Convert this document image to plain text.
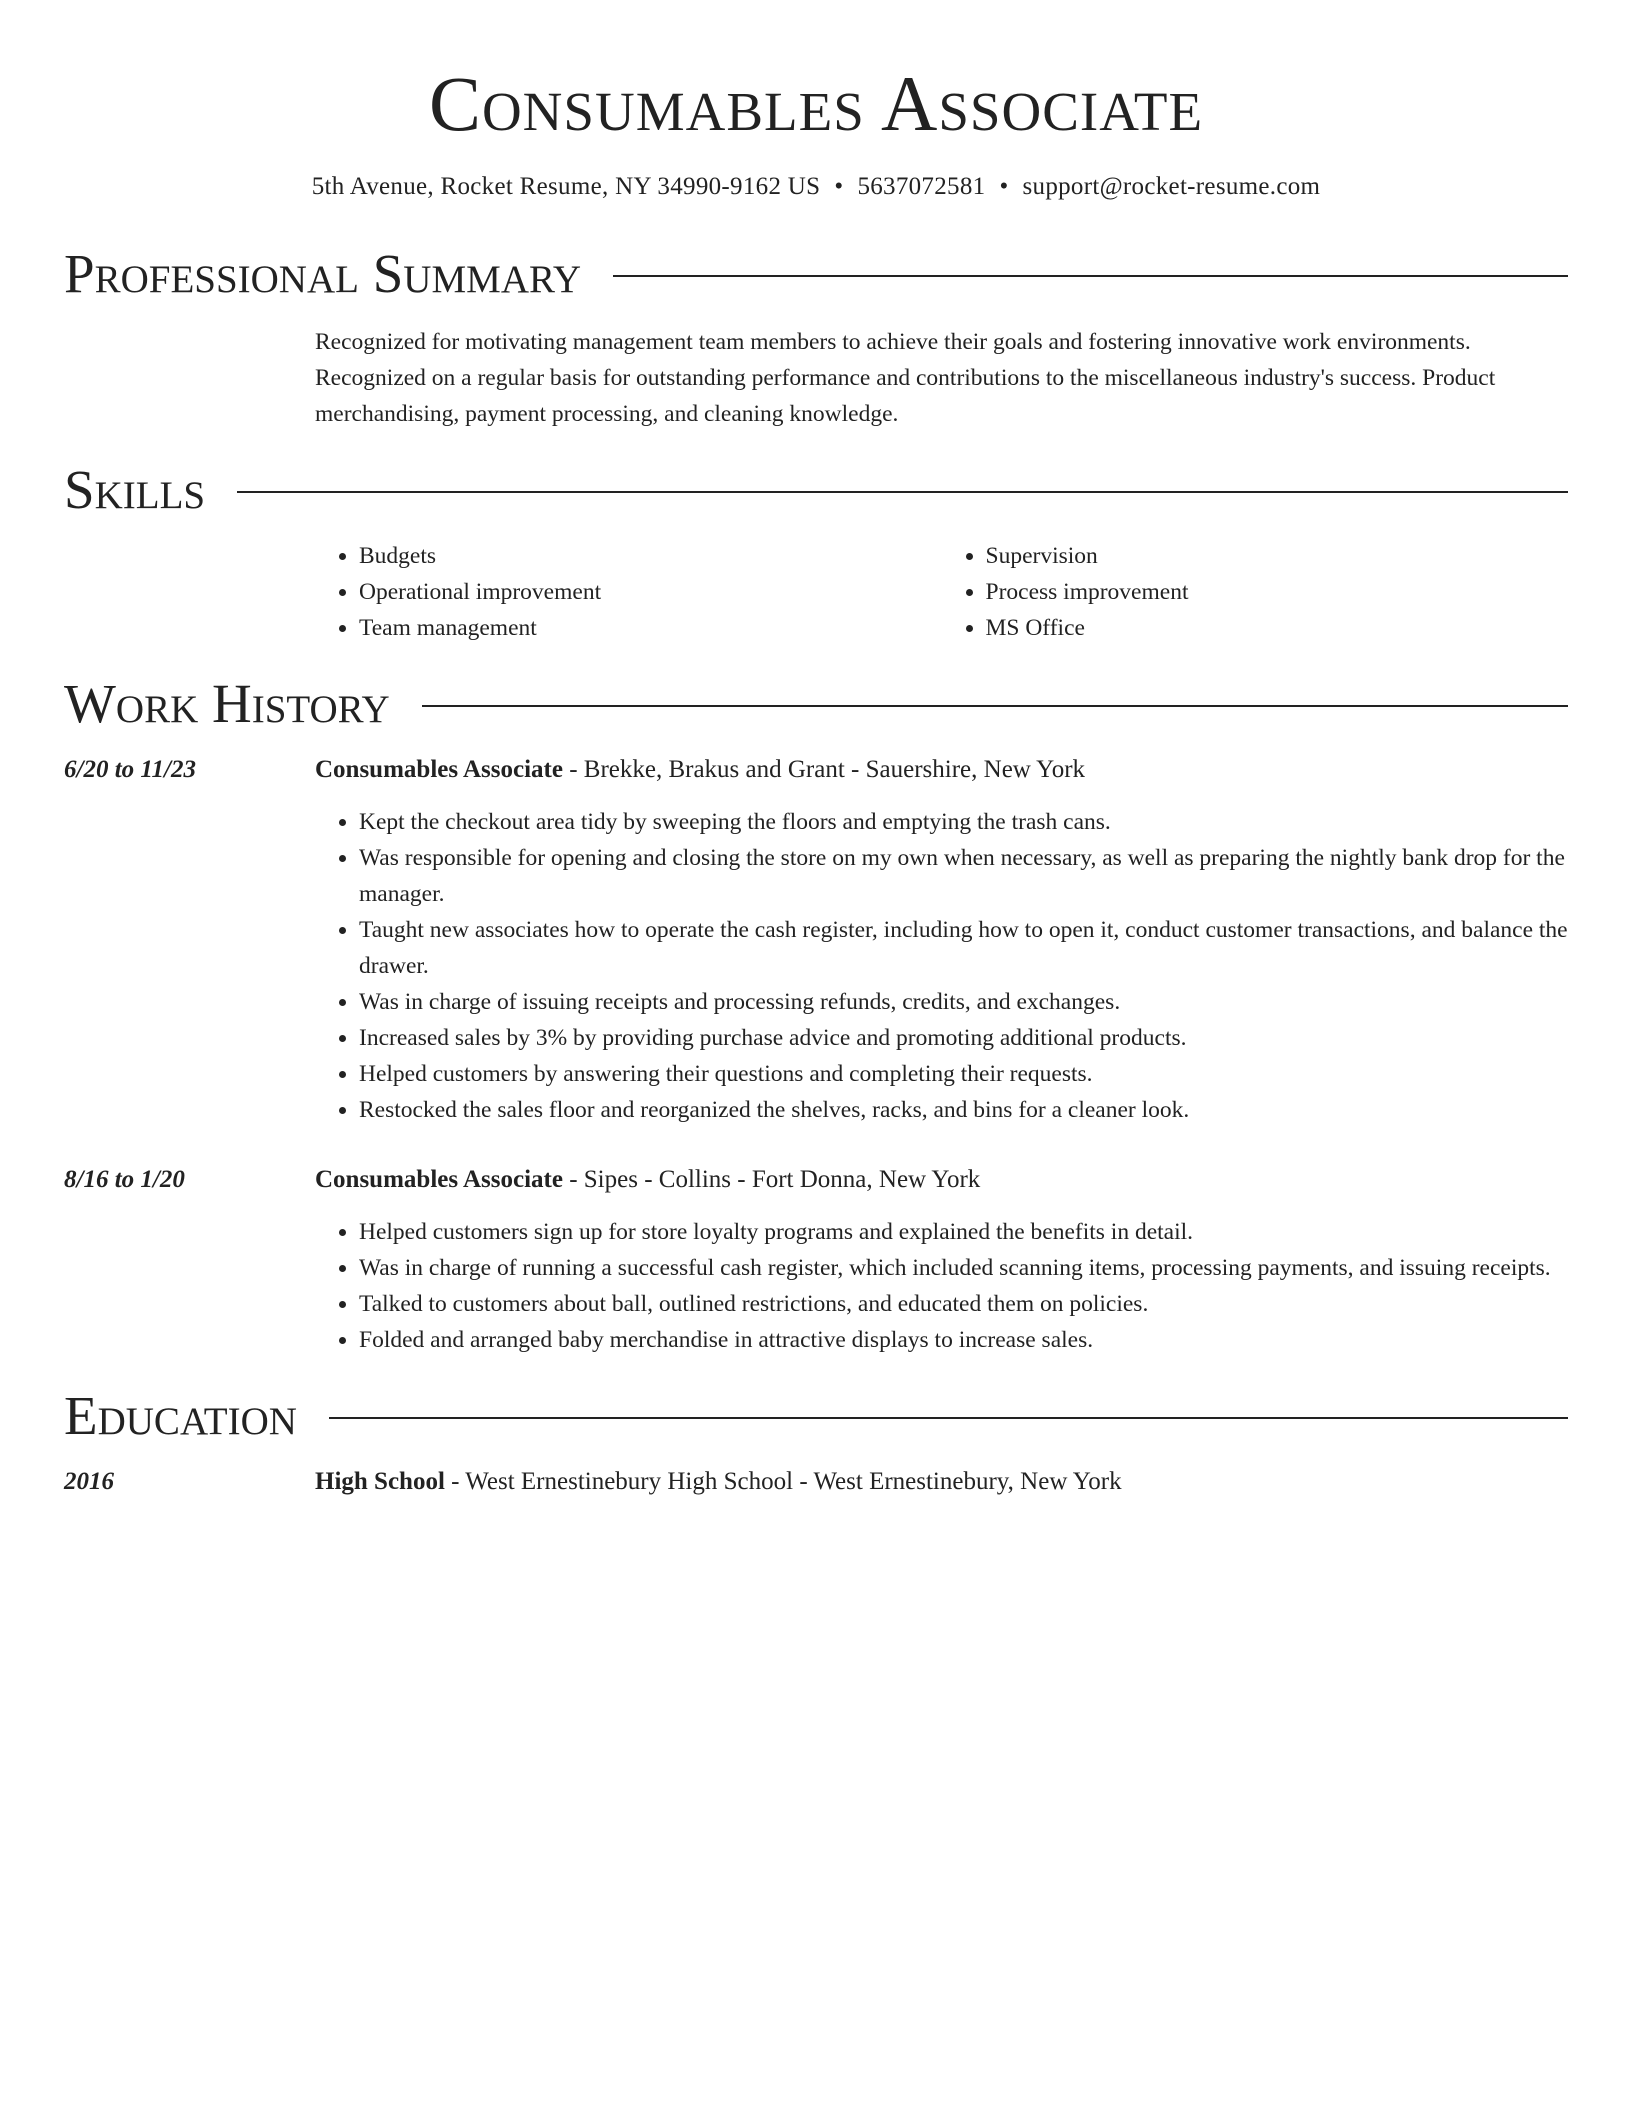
Consumables Associate
5th Avenue, Rocket Resume, NY 34990-9162 US • 5637072581 • support@rocket-resume.com
Professional Summary
Recognized for motivating management team members to achieve their goals and fostering innovative work environments. Recognized on a regular basis for outstanding performance and contributions to the miscellaneous industry's success. Product merchandising, payment processing, and cleaning knowledge.
Skills
• Budgets
• Operational improvement
• Team management
• Supervision
• Process improvement
• MS Office
Work History
6/20 to 11/23	Consumables Associate - Brekke, Brakus and Grant - Sauershire, New York
• Kept the checkout area tidy by sweeping the floors and emptying the trash cans.
• Was responsible for opening and closing the store on my own when necessary, as well as preparing the nightly bank drop for the manager.
• Taught new associates how to operate the cash register, including how to open it, conduct customer transactions, and balance the drawer.
• Was in charge of issuing receipts and processing refunds, credits, and exchanges.
• Increased sales by 3% by providing purchase advice and promoting additional products.
• Helped customers by answering their questions and completing their requests.
• Restocked the sales floor and reorganized the shelves, racks, and bins for a cleaner look.
8/16 to 1/20	Consumables Associate - Sipes - Collins - Fort Donna, New York
• Helped customers sign up for store loyalty programs and explained the benefits in detail.
• Was in charge of running a successful cash register, which included scanning items, processing payments, and issuing receipts.
• Talked to customers about ball, outlined restrictions, and educated them on policies.
• Folded and arranged baby merchandise in attractive displays to increase sales.
Education
2016	High School - West Ernestinebury High School - West Ernestinebury, New York
